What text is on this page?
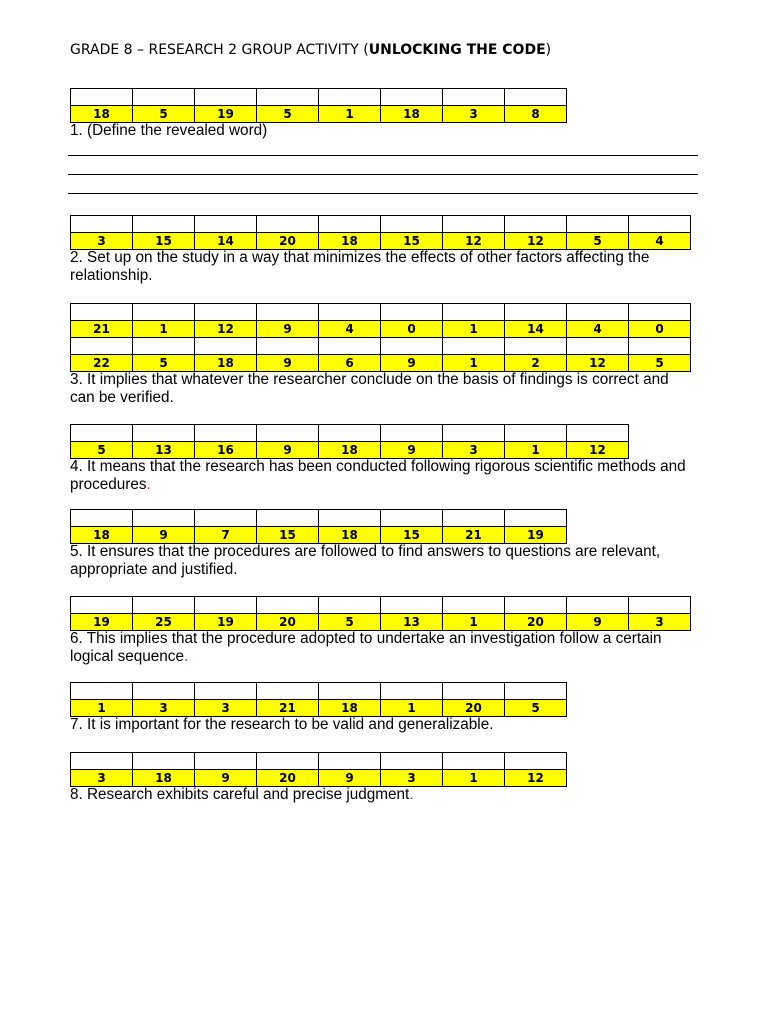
GRADE 8 – RESEARCH 2 GROUP ACTIVITY (UNLOCKING THE CODE)
18	5	19	5	1	18	3	8
1. (Define the revealed word)
3	15	14	20	18	15	12	12	5	4
2. Set up on the study in a way that minimizes the effects of other factors affecting the
relationship.
21	1	12	9	4	0	1	14	4	0
22	5	18	9	6	9	1	2	12	5
3. It implies that whatever the researcher conclude on the basis of findings is correct and
can be verified.
5	13	16	9	18	9	3	1	12
4. It means that the research has been conducted following rigorous scientific methods and
procedures.
18	9	7	15	18	15	21	19
5. It ensures that the procedures are followed to find answers to questions are relevant,
appropriate and justified.
19	25	19	20	5	13	1	20	9	3
6. This implies that the procedure adopted to undertake an investigation follow a certain
logical sequence.
1	3	3	21	18	1	20	5
7. It is important for the research to be valid and generalizable.
3	18	9	20	9	3	1	12
8. Research exhibits careful and precise judgment.
